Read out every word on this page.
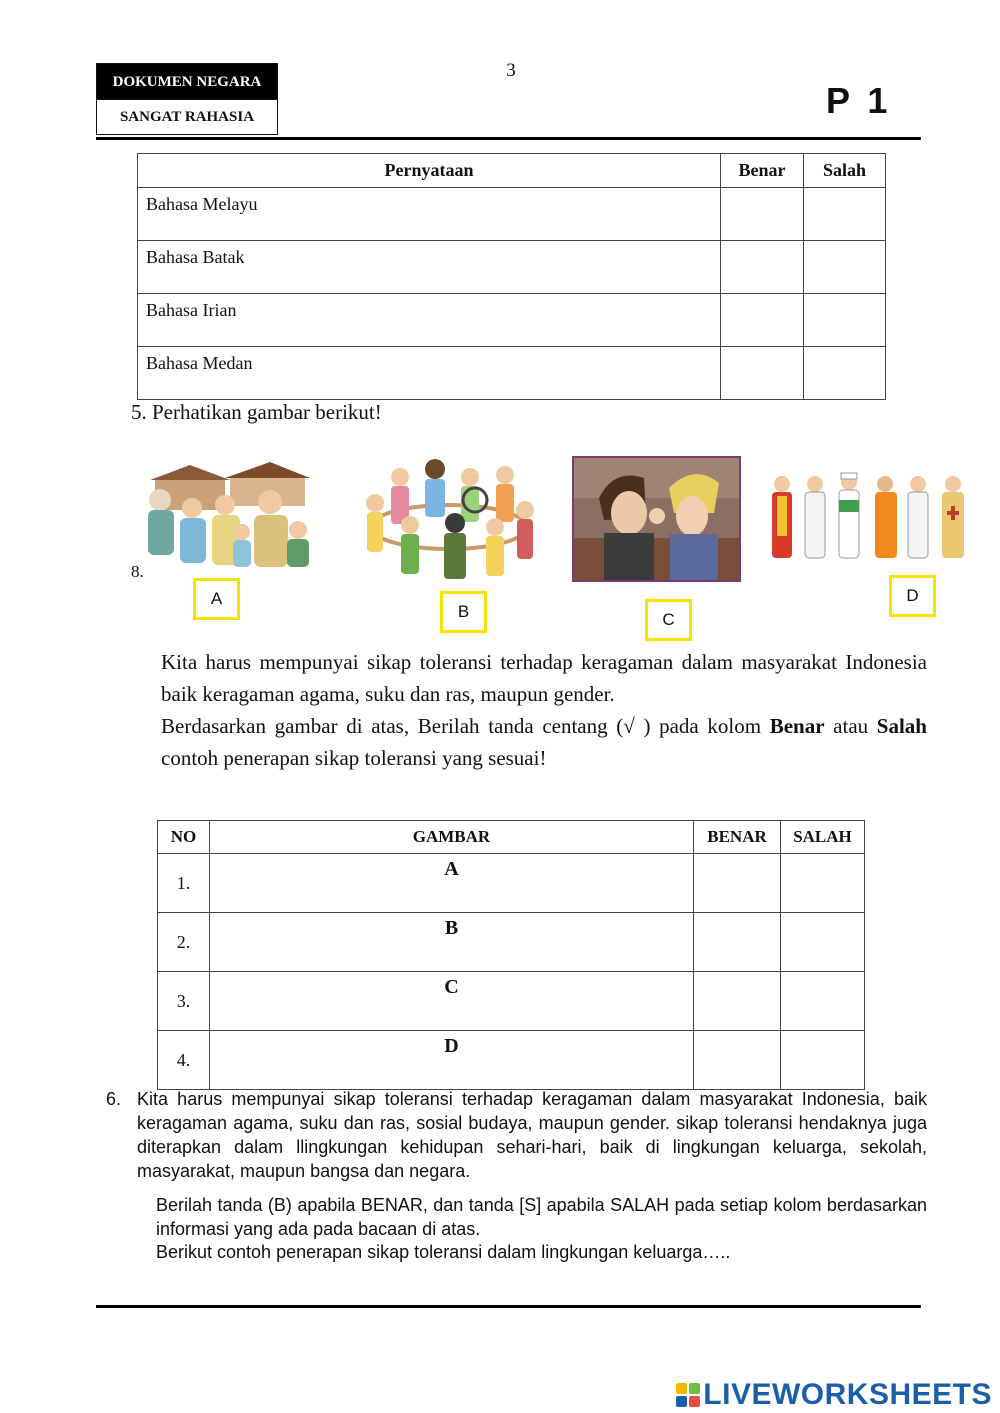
DOKUMEN NEGARA
SANGAT RAHASIA
3
P 1
Pernyataan	Benar	Salah
Bahasa Melayu		
Bahasa Batak		
Bahasa Irian		
Bahasa Medan		
5. Perhatikan gambar berikut!
8.
A
B	C
D
Kita harus mempunyai sikap toleransi terhadap keragaman dalam masyarakat Indonesia baik keragaman agama, suku dan ras, maupun gender.
Berdasarkan gambar di atas, Berilah tanda centang (√ ) pada kolom Benar atau Salah contoh penerapan sikap toleransi yang sesuai!
NO	GAMBAR	BENAR	SALAH
1.	A		
2.	B		
3.	C		
4.	D		
6. Kita harus mempunyai sikap toleransi terhadap keragaman dalam masyarakat Indonesia, baik keragaman agama, suku dan ras, sosial budaya, maupun gender. sikap toleransi hendaknya juga diterapkan dalam llingkungan kehidupan sehari-hari, baik di lingkungan keluarga, sekolah, masyarakat, maupun bangsa dan negara.
Berilah tanda (B) apabila BENAR, dan tanda [S] apabila SALAH pada setiap kolom berdasarkan informasi yang ada pada bacaan di atas.
Berikut contoh penerapan sikap toleransi dalam lingkungan keluarga…..
LIVEWORKSHEETS
